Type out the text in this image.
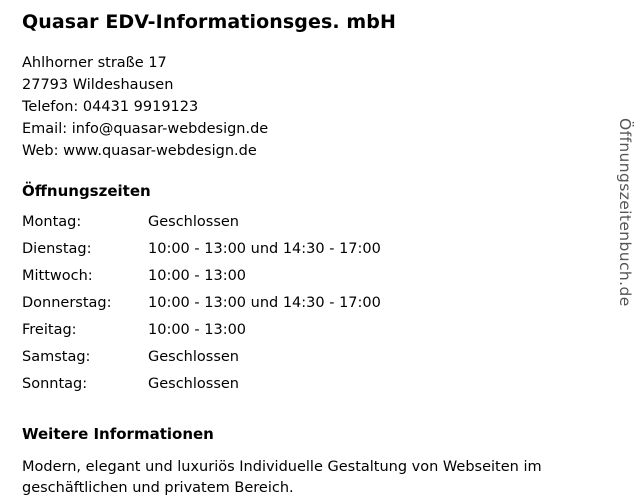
Quasar EDV-Informationsges. mbH
Ahlhorner straße 17
27793 Wildeshausen
Telefon: 04431 9919123
Email: info@quasar-webdesign.de
Web: www.quasar-webdesign.de
Öffnungszeiten
Montag:	Geschlossen
Dienstag:	10:00 - 13:00 und 14:30 - 17:00
Mittwoch:	10:00 - 13:00
Donnerstag:	10:00 - 13:00 und 14:30 - 17:00
Freitag:	10:00 - 13:00
Samstag:	Geschlossen
Sonntag:	Geschlossen
Weitere Informationen
Modern, elegant und luxuriös Individuelle Gestaltung von Webseiten im geschäftlichen und privatem Bereich.
Öffnungszeitenbuch.de
